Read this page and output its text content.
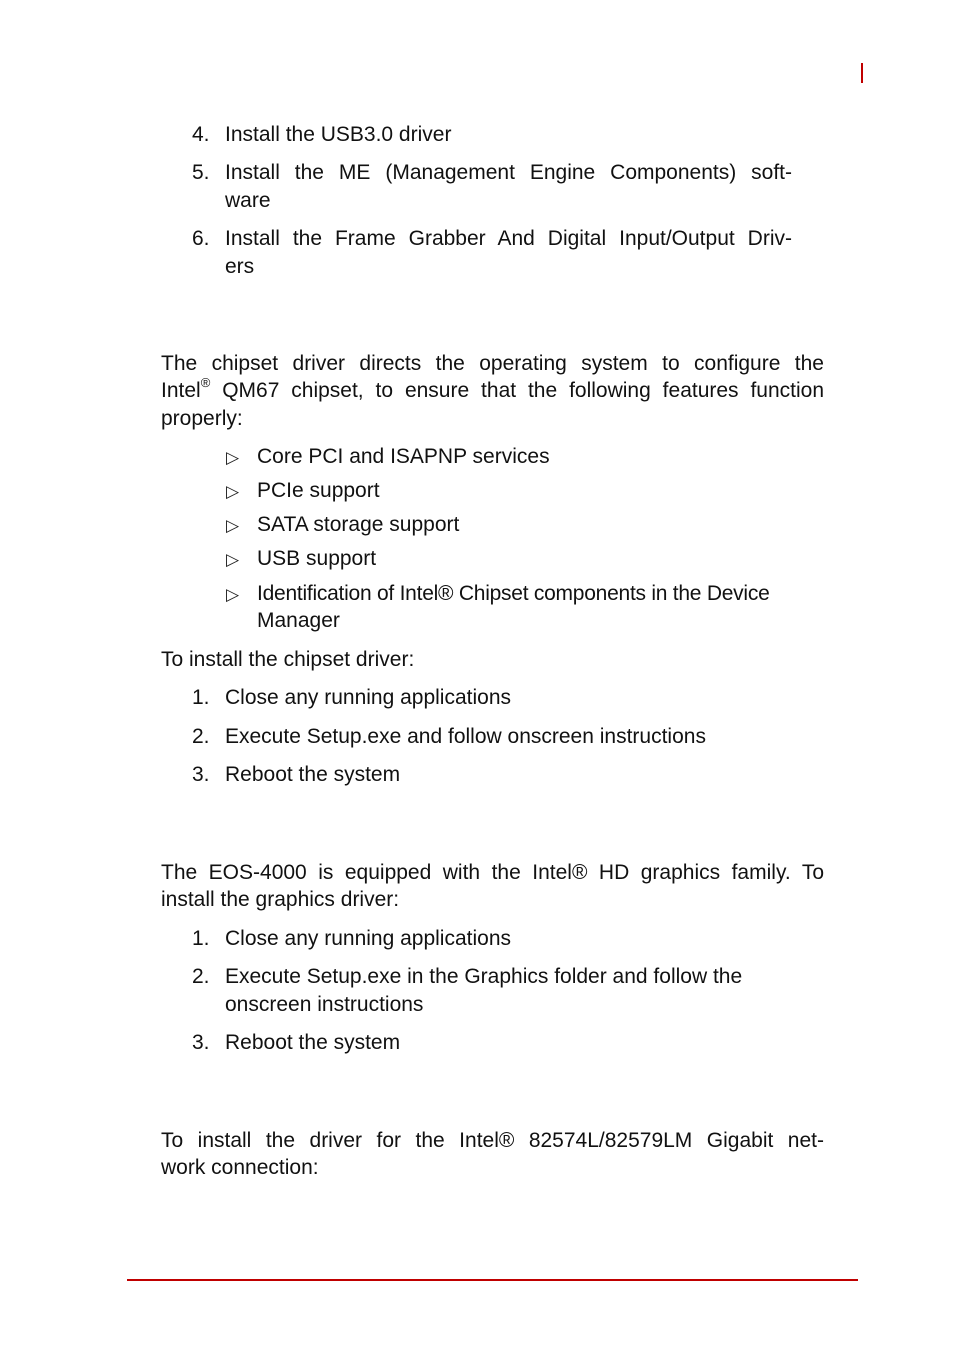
4. Install the USB3.0 driver
5. Install the ME (Management Engine Components) soft-
ware
6. Install the Frame Grabber And Digital Input/Output Driv-
ers
The chipset driver directs the operating system to configure the
Intel® QM67 chipset, to ensure that the following features function
properly:
▷ Core PCI and ISAPNP services
▷ PCIe support
▷ SATA storage support
▷ USB support
▷ Identification of Intel® Chipset components in the Device
Manager
To install the chipset driver:
1. Close any running applications
2. Execute Setup.exe and follow onscreen instructions
3. Reboot the system
The EOS-4000 is equipped with the Intel® HD graphics family. To
install the graphics driver:
1. Close any running applications
2. Execute Setup.exe in the Graphics folder and follow the
onscreen instructions
3. Reboot the system
To install the driver for the Intel® 82574L/82579LM Gigabit net-
work connection:
